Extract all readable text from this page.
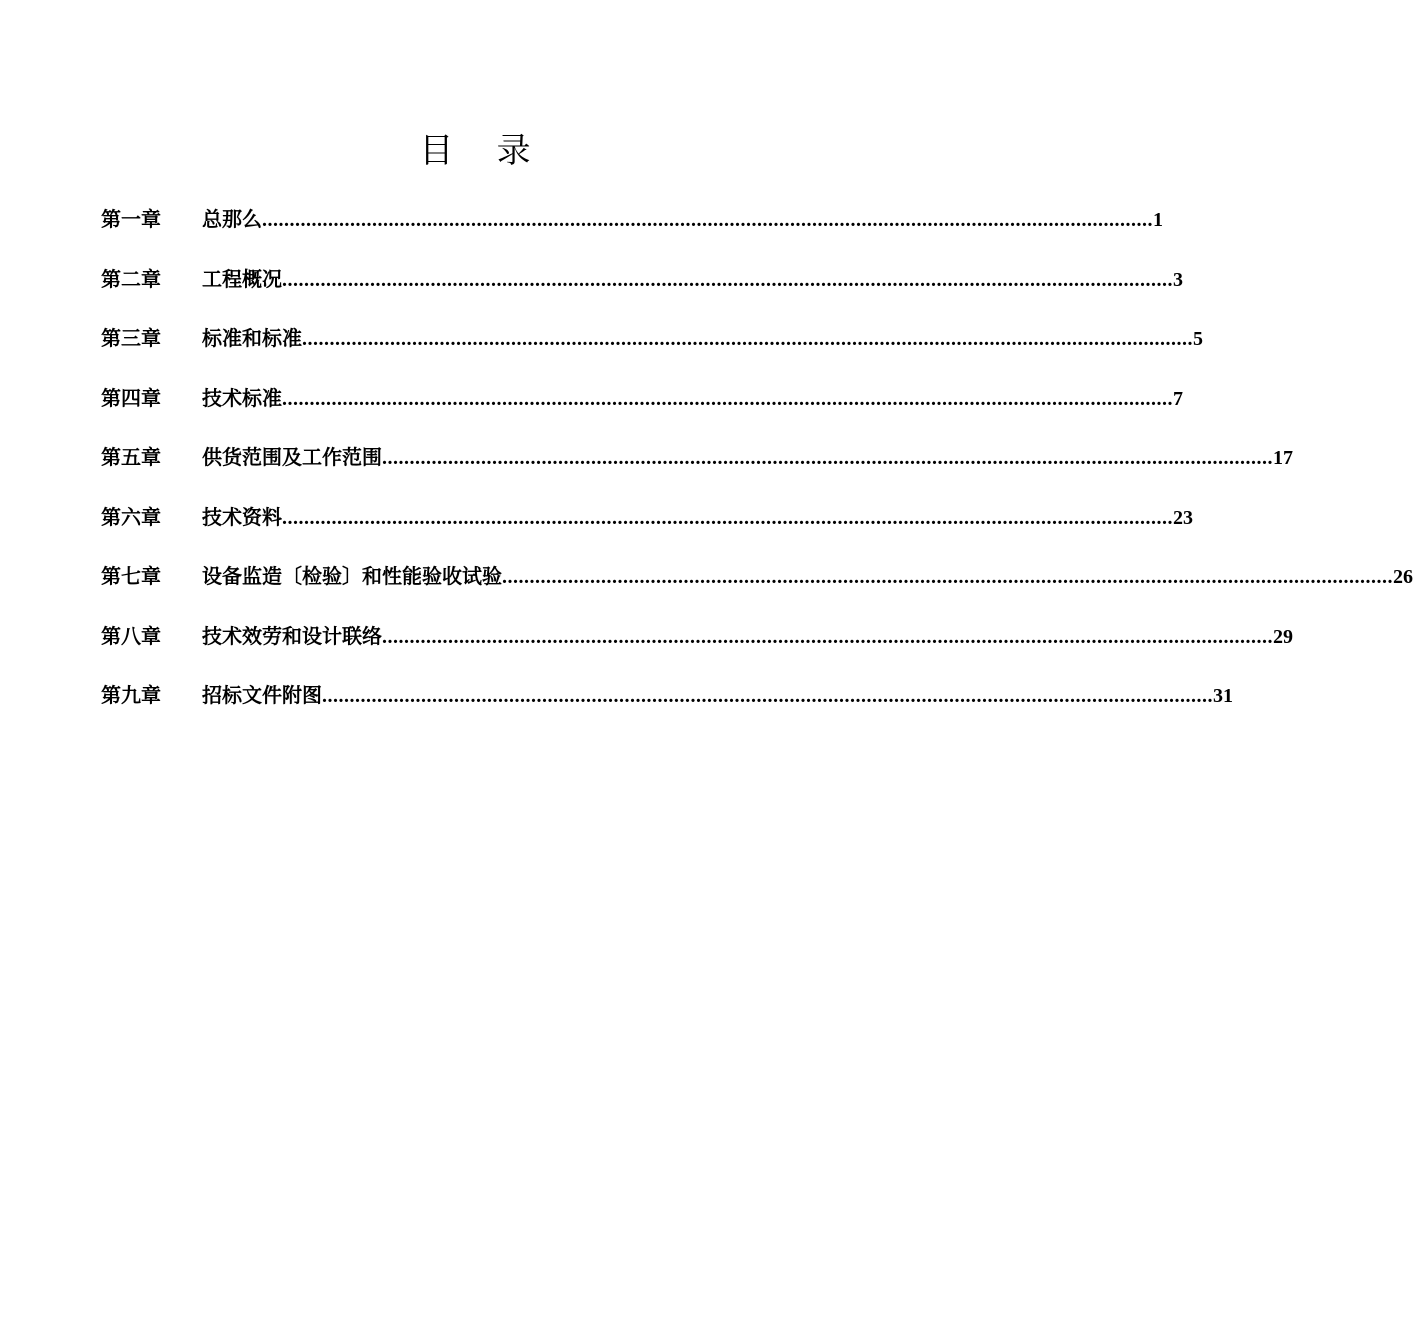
目    录
第一章	总那么 .................................................................................................................................................................. 1
第二章	工程概况 .................................................................................................................................................................. 3
第三章	标准和标准 .................................................................................................................................................................. 5
第四章	技术标准 .................................................................................................................................................................. 7
第五章	供货范围及工作范围 .................................................................................................................................................................. 17
第六章	技术资料 .................................................................................................................................................................. 23
第七章	设备监造〔检验〕和性能验收试验 .................................................................................................................................................................. 26
第八章	技术效劳和设计联络 .................................................................................................................................................................. 29
第九章	招标文件附图 .................................................................................................................................................................. 31
